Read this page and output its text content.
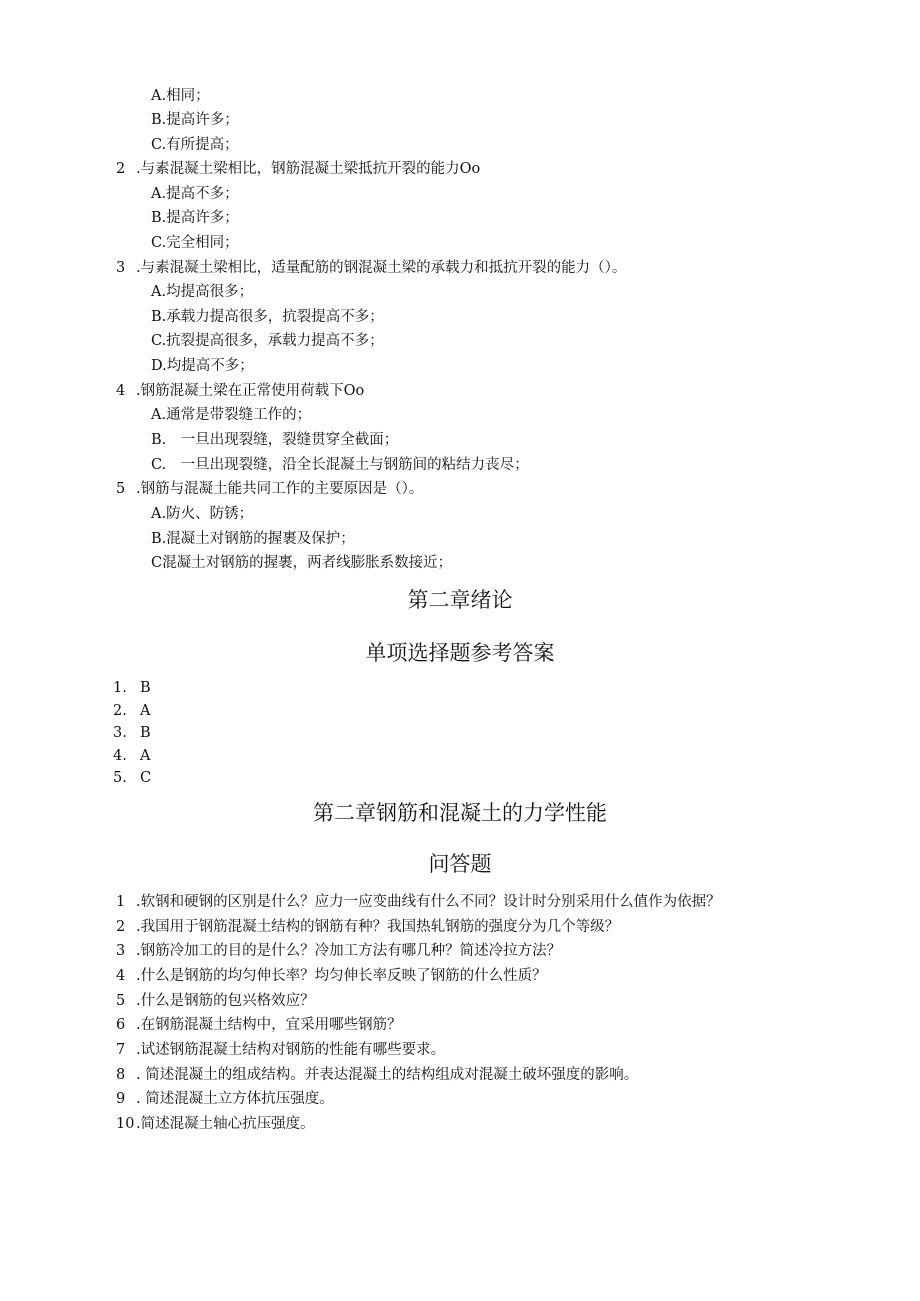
A.相同；
B.提高许多；
C.有所提高；
2 .与素混凝土梁相比，钢筋混凝土梁抵抗开裂的能力Oo
A.提高不多；
B.提高许多；
C.完全相同；
3 .与素混凝土梁相比，适量配筋的钢混凝土梁的承载力和抵抗开裂的能力（）。
A.均提高很多；
B.承载力提高很多，抗裂提高不多；
C.抗裂提高很多，承载力提高不多；
D.均提高不多；
4 .钢筋混凝土梁在正常使用荷载下Oo
A.通常是带裂缝工作的；
B.　一旦出现裂缝，裂缝贯穿全截面；
C.　一旦出现裂缝，沿全长混凝土与钢筋间的粘结力丧尽；
5 .钢筋与混凝土能共同工作的主要原因是（）。
A.防火、防锈；
B.混凝土对钢筋的握裹及保护；
C混凝土对钢筋的握裹，两者线膨胀系数接近；
第二章绪论
单项选择题参考答案
1. B
2. A
3. B
4. A
5. C
第二章钢筋和混凝土的力学性能
问答题
1 .软钢和硬钢的区别是什么？应力一应变曲线有什么不同？设计时分别采用什么值作为依据？
2 .我国用于钢筋混凝土结构的钢筋有种？我国热轧钢筋的强度分为几个等级？
3 .钢筋冷加工的目的是什么？冷加工方法有哪几种？简述冷拉方法？
4 .什么是钢筋的均匀伸长率？均匀伸长率反映了钢筋的什么性质？
5 .什么是钢筋的包兴格效应？
6 .在钢筋混凝土结构中，宜采用哪些钢筋？
7 .试述钢筋混凝土结构对钢筋的性能有哪些要求。
8 . 简述混凝土的组成结构。并表达混凝土的结构组成对混凝土破坏强度的影响。
9 . 简述混凝土立方体抗压强度。
10 .简述混凝土轴心抗压强度。
